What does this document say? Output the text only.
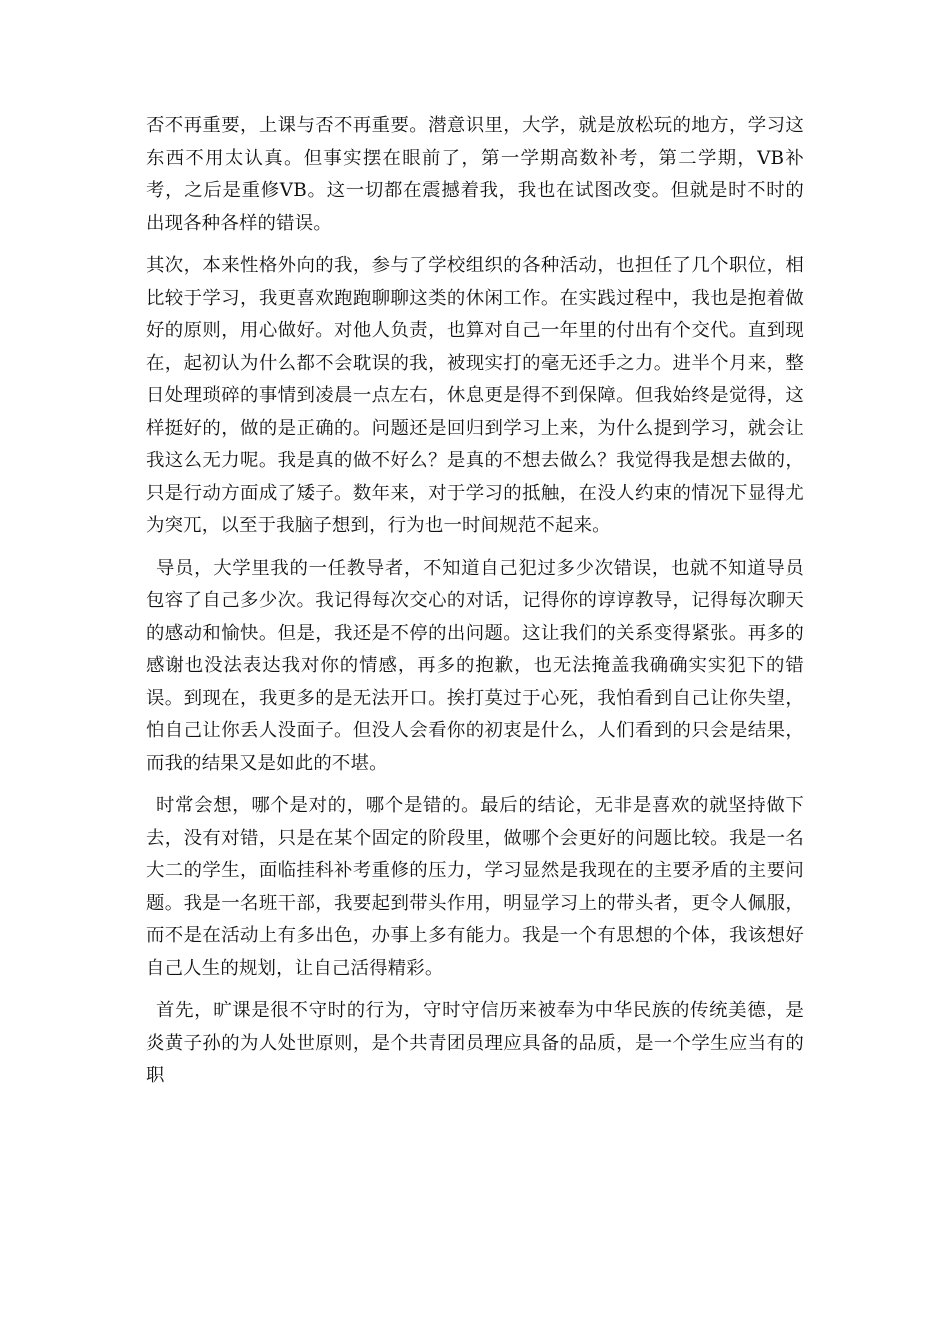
否不再重要，上课与否不再重要。潜意识里，大学，就是放松玩的地方，学习这东西不用太认真。但事实摆在眼前了，第一学期高数补考，第二学期，VB补考，之后是重修VB。这一切都在震撼着我，我也在试图改变。但就是时不时的出现各种各样的错误。

其次，本来性格外向的我，参与了学校组织的各种活动，也担任了几个职位，相比较于学习，我更喜欢跑跑聊聊这类的休闲工作。在实践过程中，我也是抱着做好的原则，用心做好。对他人负责，也算对自己一年里的付出有个交代。直到现在，起初认为什么都不会耽误的我，被现实打的毫无还手之力。进半个月来，整日处理琐碎的事情到凌晨一点左右，休息更是得不到保障。但我始终是觉得，这样挺好的，做的是正确的。问题还是回归到学习上来，为什么提到学习，就会让我这么无力呢。我是真的做不好么？是真的不想去做么？我觉得我是想去做的，只是行动方面成了矮子。数年来，对于学习的抵触，在没人约束的情况下显得尤为突兀，以至于我脑子想到，行为也一时间规范不起来。

导员，大学里我的一任教导者，不知道自己犯过多少次错误，也就不知道导员包容了自己多少次。我记得每次交心的对话，记得你的谆谆教导，记得每次聊天的感动和愉快。但是，我还是不停的出问题。这让我们的关系变得紧张。再多的感谢也没法表达我对你的情感，再多的抱歉，也无法掩盖我确确实实犯下的错误。到现在，我更多的是无法开口。挨打莫过于心死，我怕看到自己让你失望，怕自己让你丢人没面子。但没人会看你的初衷是什么，人们看到的只会是结果，而我的结果又是如此的不堪。

时常会想，哪个是对的，哪个是错的。最后的结论，无非是喜欢的就坚持做下去，没有对错，只是在某个固定的阶段里，做哪个会更好的问题比较。我是一名大二的学生，面临挂科补考重修的压力，学习显然是我现在的主要矛盾的主要问题。我是一名班干部，我要起到带头作用，明显学习上的带头者，更令人佩服，而不是在活动上有多出色，办事上多有能力。我是一个有思想的个体，我该想好自己人生的规划，让自己活得精彩。

首先，旷课是很不守时的行为，守时守信历来被奉为中华民族的传统美德，是炎黄子孙的为人处世原则，是个共青团员理应具备的品质，是一个学生应当有的职
